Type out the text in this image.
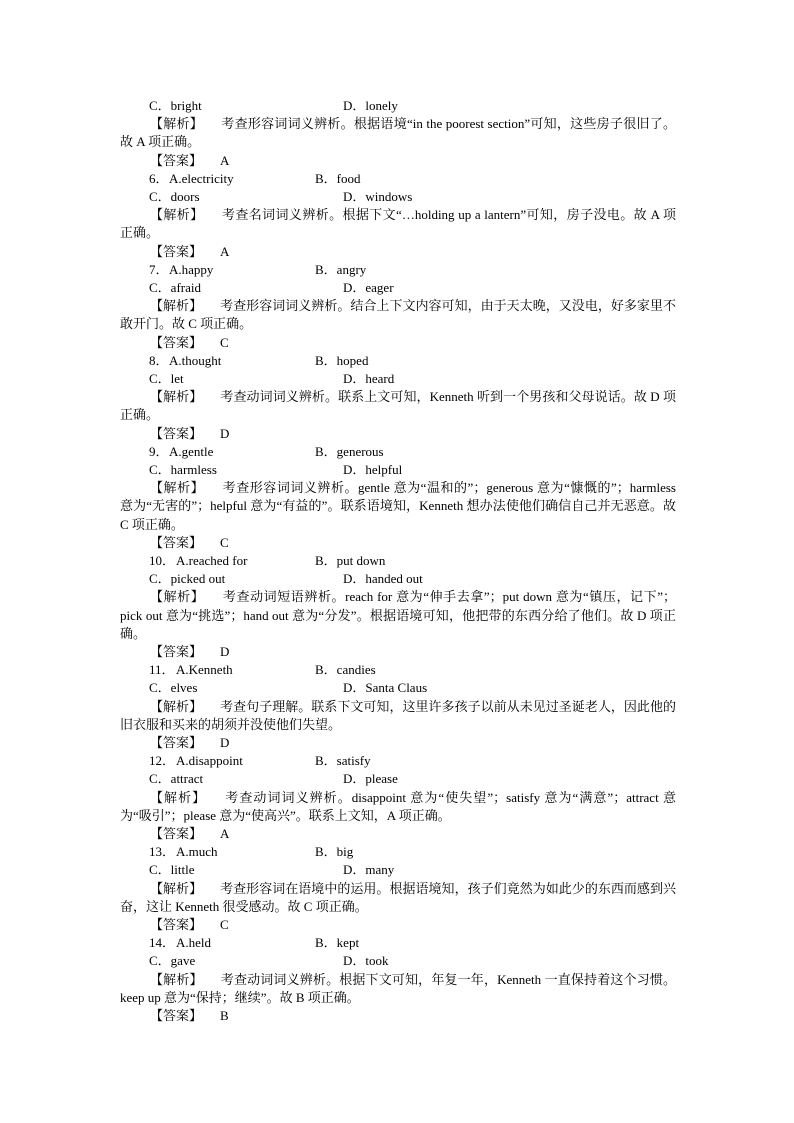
C．bright	D．lonely
【解析】 考查形容词词义辨析。根据语境“in the poorest section”可知，这些房子很旧了。故 A 项正确。
【答案】 A
6． A.electricity	B．food
C．doors	D．windows
【解析】 考查名词词义辨析。根据下文“…holding up a lantern”可知，房子没电。故 A 项正确。
【答案】 A
7． A.happy	B．angry
C．afraid	D．eager
【解析】 考查形容词词义辨析。结合上下文内容可知，由于天太晚，又没电，好多家里不敢开门。故 C 项正确。
【答案】 C
8． A.thought	B．hoped
C．let	D．heard
【解析】 考查动词词义辨析。联系上文可知，Kenneth 听到一个男孩和父母说话。故 D 项正确。
【答案】 D
9． A.gentle	B．generous
C．harmless	D．helpful
【解析】 考查形容词词义辨析。gentle 意为“温和的”；generous 意为“慷慨的”；harmless 意为“无害的”；helpful 意为“有益的”。联系语境知，Kenneth 想办法使他们确信自己并无恶意。故 C 项正确。
【答案】 C
10． A.reached for	B．put down
C．picked out	D．handed out
【解析】 考查动词短语辨析。reach for 意为“伸手去拿”；put down 意为“镇压，记下”；pick out 意为“挑选”；hand out 意为“分发”。根据语境可知，他把带的东西分给了他们。故 D 项正确。
【答案】 D
11． A.Kenneth	B．candies
C．elves	D．Santa Claus
【解析】 考查句子理解。联系下文可知，这里许多孩子以前从未见过圣诞老人，因此他的旧衣服和买来的胡须并没使他们失望。
【答案】 D
12． A.disappoint	B．satisfy
C．attract	D．please
【解析】 考查动词词义辨析。disappoint 意为“使失望”；satisfy 意为“满意”；attract 意为“吸引”；please 意为“使高兴”。联系上文知，A 项正确。
【答案】 A
13． A.much	B．big
C．little	D．many
【解析】 考查形容词在语境中的运用。根据语境知，孩子们竟然为如此少的东西而感到兴奋，这让 Kenneth 很受感动。故 C 项正确。
【答案】 C
14． A.held	B．kept
C．gave	D．took
【解析】 考查动词词义辨析。根据下文可知，年复一年，Kenneth 一直保持着这个习惯。keep up 意为“保持；继续”。故 B 项正确。
【答案】 B
